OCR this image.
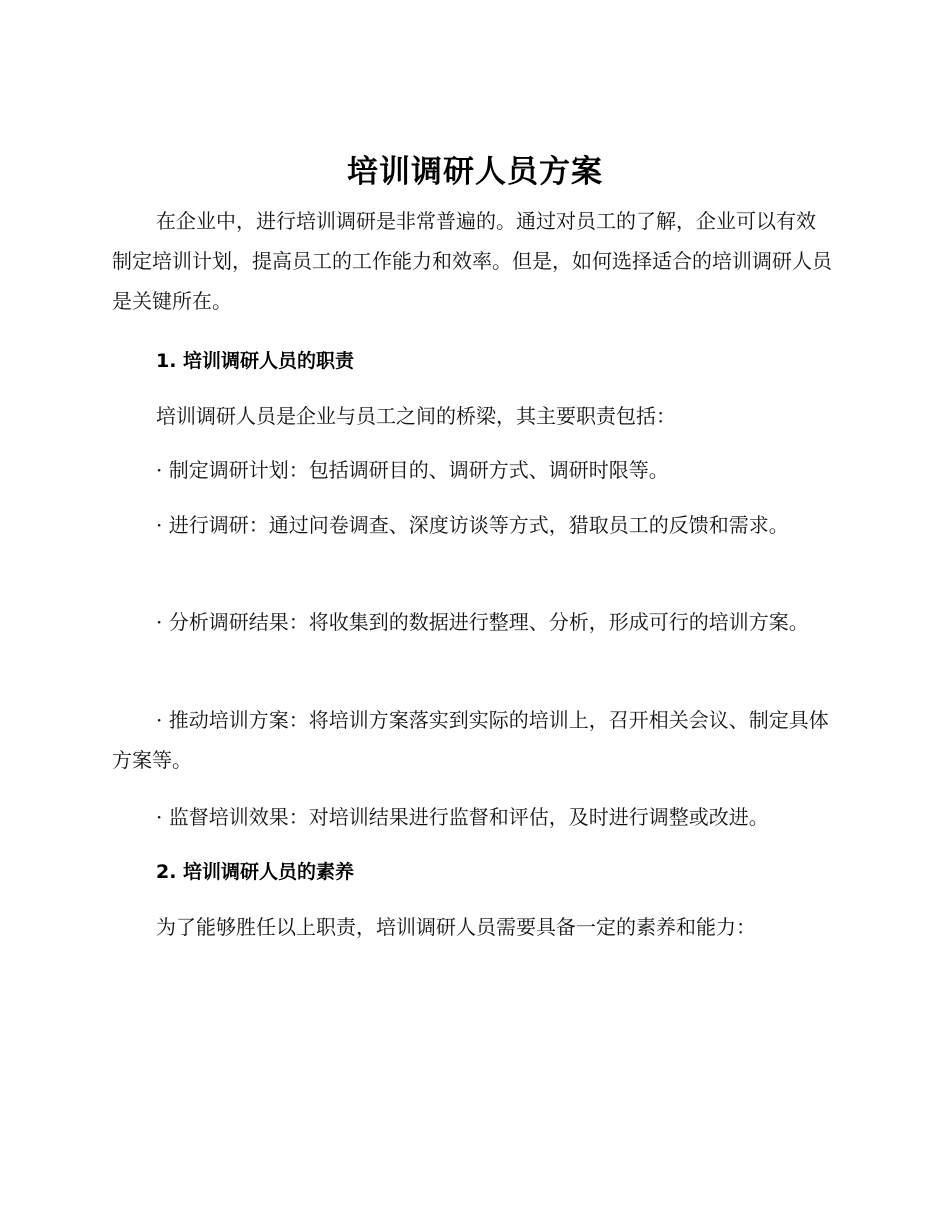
培训调研人员方案

在企业中，进行培训调研是非常普遍的。通过对员工的了解，企业可以有效制定培训计划，提高员工的工作能力和效率。但是，如何选择适合的培训调研人员是关键所在。

1. 培训调研人员的职责

培训调研人员是企业与员工之间的桥梁，其主要职责包括：

· 制定调研计划：包括调研目的、调研方式、调研时限等。

· 进行调研：通过问卷调查、深度访谈等方式，猎取员工的反馈和需求。

· 分析调研结果：将收集到的数据进行整理、分析，形成可行的培训方案。

· 推动培训方案：将培训方案落实到实际的培训上，召开相关会议、制定具体方案等。

· 监督培训效果：对培训结果进行监督和评估，及时进行调整或改进。

2. 培训调研人员的素养

为了能够胜任以上职责，培训调研人员需要具备一定的素养和能力：
